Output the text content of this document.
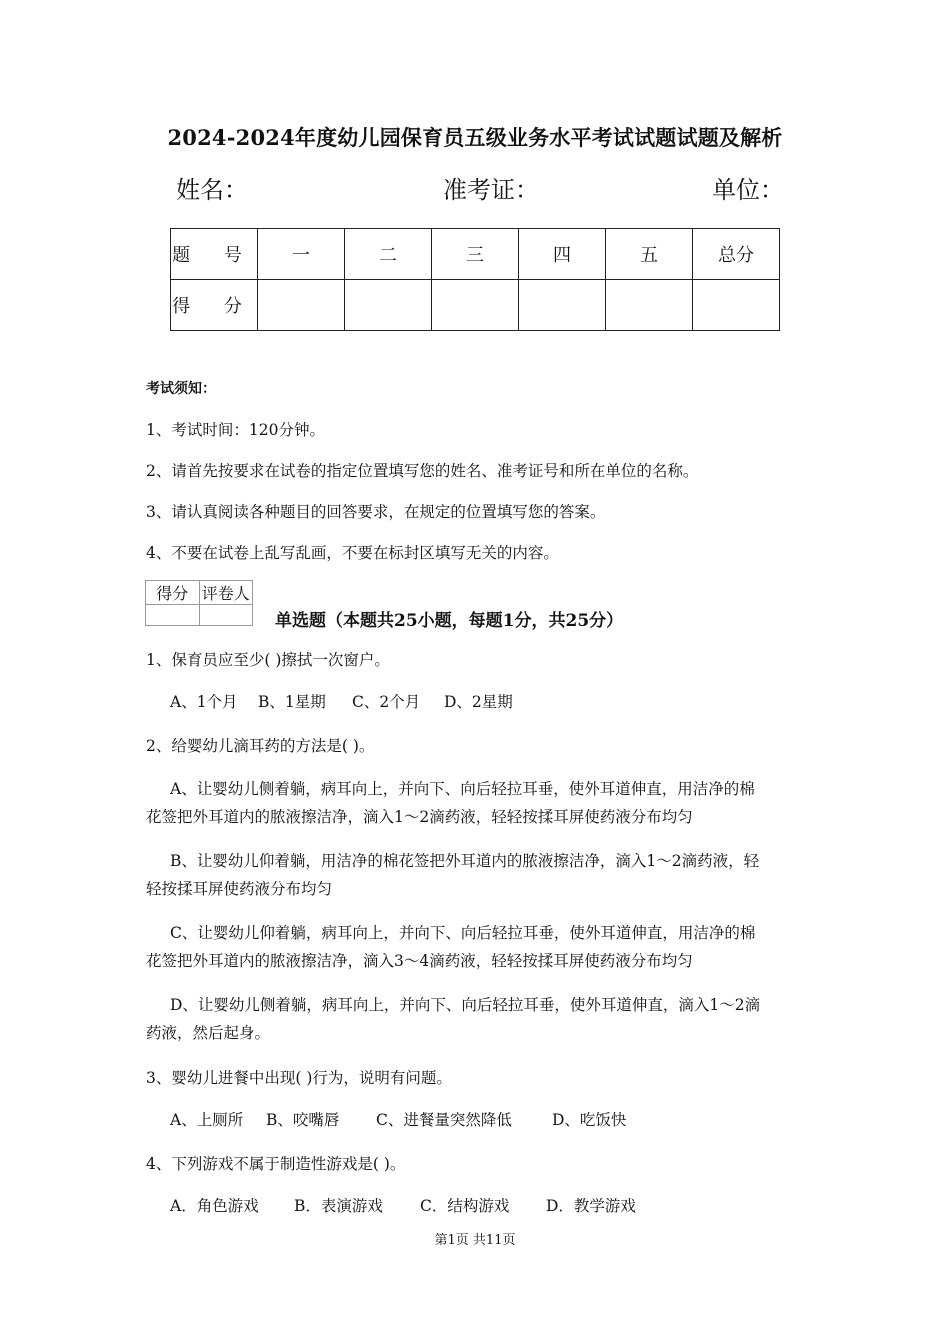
2024-2024年度幼儿园保育员五级业务水平考试试题试题及解析
姓名：	准考证：	单位：
题 号	一	二	三	四	五	总分
得 分						
考试须知：
1、考试时间：120分钟。
2、请首先按要求在试卷的指定位置填写您的姓名、准考证号和所在单位的名称。
3、请认真阅读各种题目的回答要求，在规定的位置填写您的答案。
4、不要在试卷上乱写乱画，不要在标封区填写无关的内容。
得分	评卷人

单选题（本题共25小题，每题1分，共25分）
1、保育员应至少( )擦拭一次窗户。
A、1个月 B、1星期 C、2个月 D、2星期
2、给婴幼儿滴耳药的方法是( )。
A、让婴幼儿侧着躺，病耳向上，并向下、向后轻拉耳垂，使外耳道伸直，用洁净的棉
花签把外耳道内的脓液擦洁净，滴入1～2滴药液，轻轻按揉耳屏使药液分布均匀
B、让婴幼儿仰着躺，用洁净的棉花签把外耳道内的脓液擦洁净，滴入1～2滴药液，轻
轻按揉耳屏使药液分布均匀
C、让婴幼儿仰着躺，病耳向上，并向下、向后轻拉耳垂，使外耳道伸直，用洁净的棉
花签把外耳道内的脓液擦洁净，滴入3～4滴药液，轻轻按揉耳屏使药液分布均匀
D、让婴幼儿侧着躺，病耳向上，并向下、向后轻拉耳垂，使外耳道伸直，滴入1～2滴
药液，然后起身。
3、婴幼儿进餐中出现( )行为，说明有问题。
A、上厕所 B、咬嘴唇 C、进餐量突然降低	D、吃饭快
4、下列游戏不属于制造性游戏是( )。
A．角色游戏 B．表演游戏 C．结构游戏 D．教学游戏
第1页 共11页
